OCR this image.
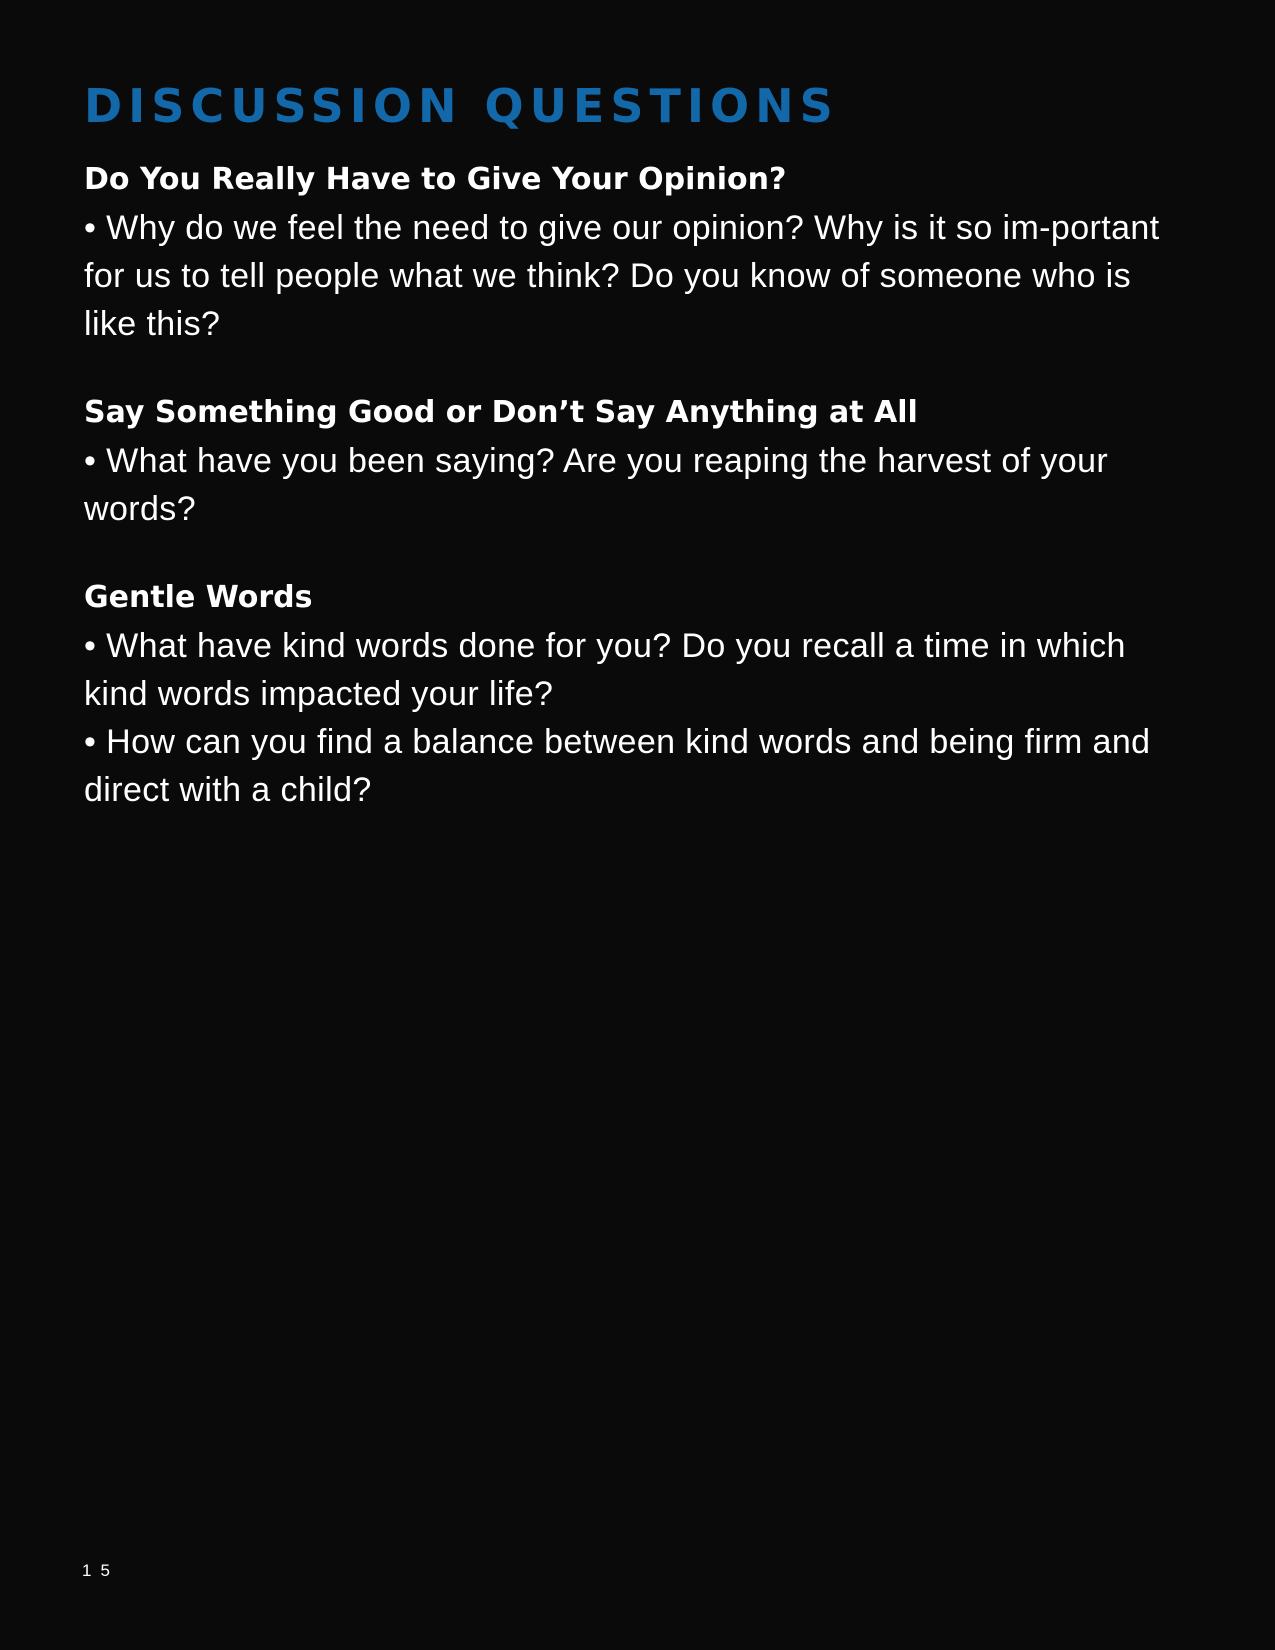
DISCUSSION QUESTIONS
Do You Really Have to Give Your Opinion?

• Why do we feel the need to give our opinion? Why is it so im-portant for us to tell people what we think? Do you know of someone who is like this?

Say Something Good or Don’t Say Anything at All

• What have you been saying? Are you reaping the harvest of your words?

Gentle Words

• What have kind words done for you? Do you recall a time in which kind words impacted your life?

• How can you find a balance between kind words and being firm and direct with a child?

15
